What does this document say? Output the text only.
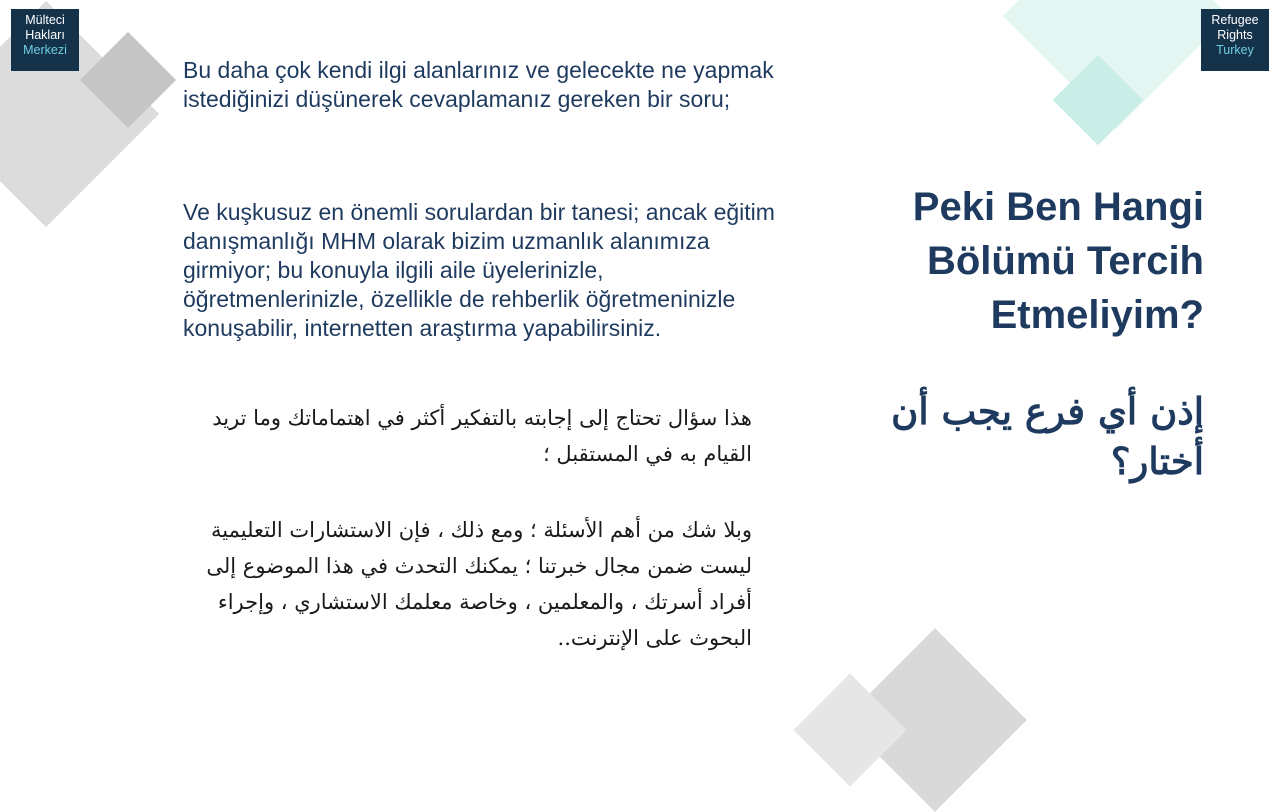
Mülteci
Hakları
Merkezi
Refugee
Rights
Turkey
Bu daha çok kendi ilgi alanlarınız ve gelecekte ne yapmak istediğinizi düşünerek cevaplamanız gereken bir soru;
Ve kuşkusuz en önemli sorulardan bir tanesi; ancak eğitim danışmanlığı MHM olarak bizim uzmanlık alanımıza girmiyor; bu konuyla ilgili aile üyelerinizle, öğretmenlerinizle, özellikle de rehberlik öğretmeninizle konuşabilir, internetten araştırma yapabilirsiniz.
هذا سؤال تحتاج إلى إجابته بالتفكير أكثر في اهتماماتك وما تريد القيام به في المستقبل ؛
وبلا شك من أهم الأسئلة ؛ ومع ذلك ، فإن الاستشارات التعليمية ليست ضمن مجال خبرتنا ؛ يمكنك التحدث في هذا الموضوع إلى أفراد أسرتك ، والمعلمين ، وخاصة معلمك الاستشاري ، وإجراء البحوث على الإنترنت..
Peki Ben Hangi
Bölümü Tercih
Etmeliyim?
إذن أي فرع يجب أن
أختار؟
